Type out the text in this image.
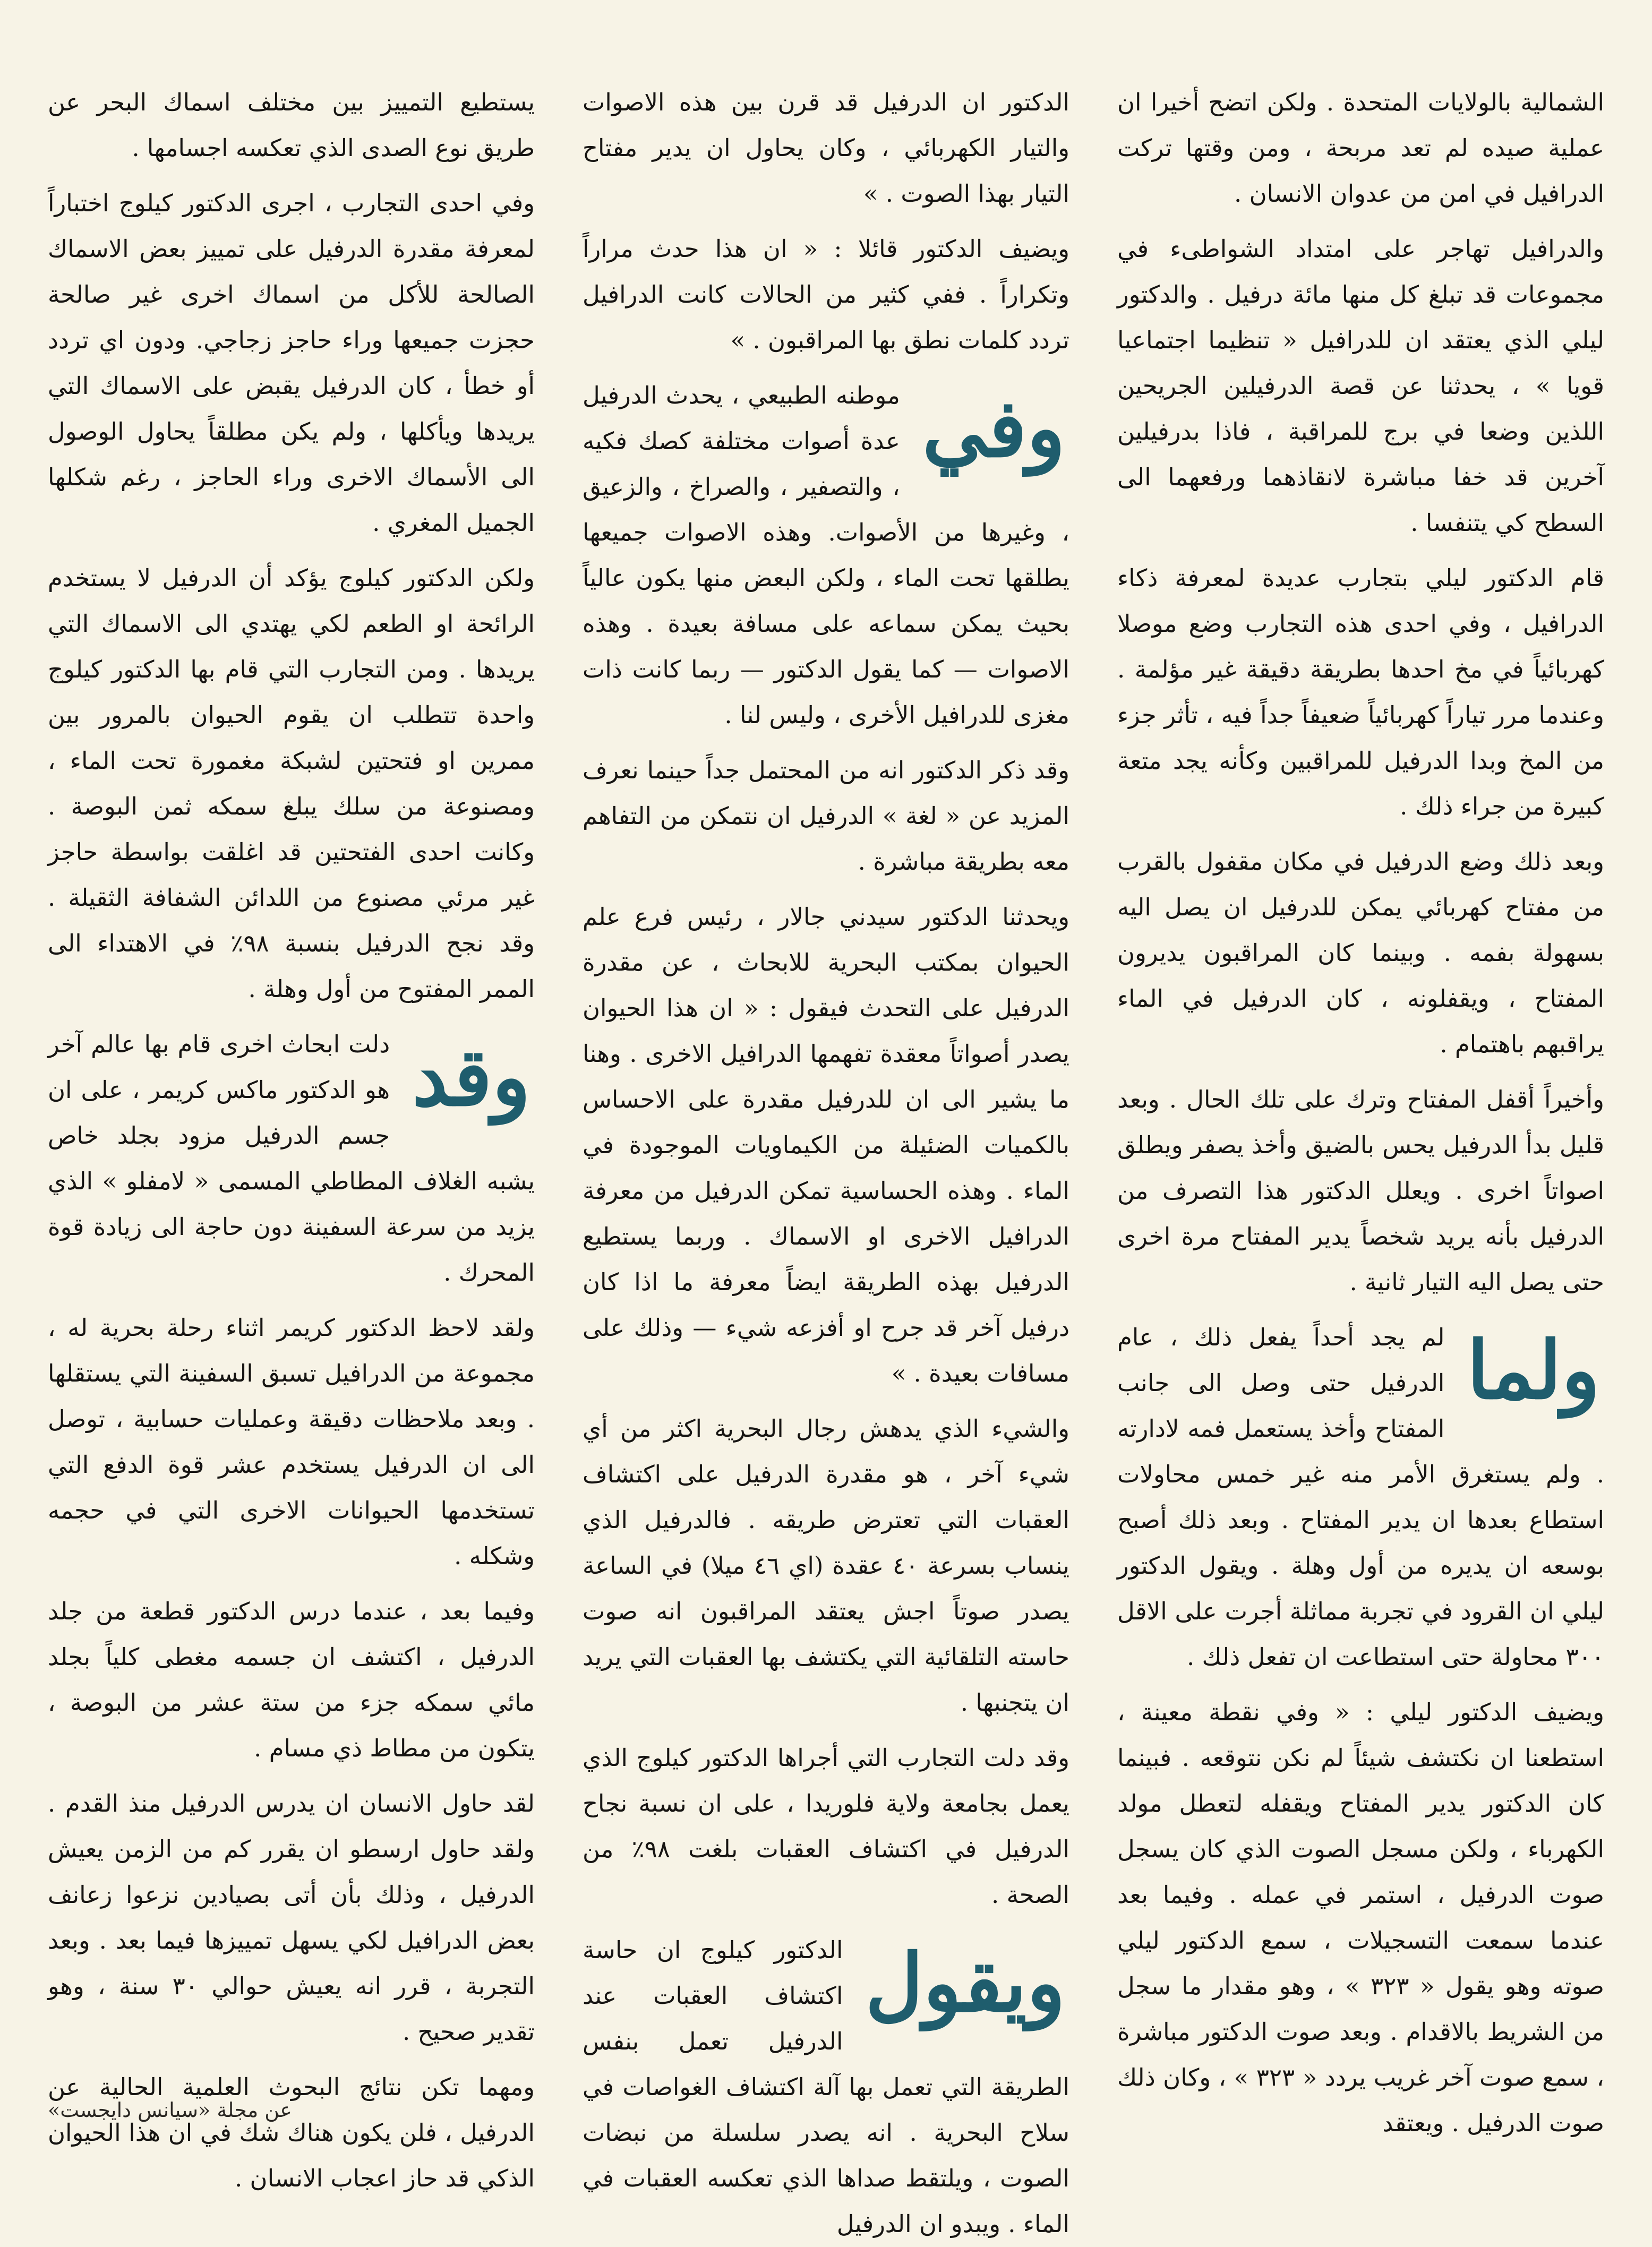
الشمالية بالولايات المتحدة . ولكن اتضح أخيرا ان عملية صيده لم تعد مربحة ، ومن وقتها تركت الدرافيل في امن من عدوان الانسان .

والدرافيل تهاجر على امتداد الشواطىء في مجموعات قد تبلغ كل منها مائة درفيل . والدكتور ليلي الذي يعتقد ان للدرافيل « تنظيما اجتماعيا قويا » ، يحدثنا عن قصة الدرفيلين الجريحين اللذين وضعا في برج للمراقبة ، فاذا بدرفيلين آخرين قد خفا مباشرة لانقاذهما ورفعهما الى السطح كي يتنفسا .

قام الدكتور ليلي بتجارب عديدة لمعرفة ذكاء الدرافيل ، وفي احدى هذه التجارب وضع موصلا كهربائياً في مخ احدها بطريقة دقيقة غير مؤلمة . وعندما مرر تياراً كهربائياً ضعيفاً جداً فيه ، تأثر جزء من المخ وبدا الدرفيل للمراقبين وكأنه يجد متعة كبيرة من جراء ذلك .

وبعد ذلك وضع الدرفيل في مكان مقفول بالقرب من مفتاح كهربائي يمكن للدرفيل ان يصل اليه بسهولة بفمه . وبينما كان المراقبون يديرون المفتاح ، ويقفلونه ، كان الدرفيل في الماء يراقبهم باهتمام .

وأخيراً أقفل المفتاح وترك على تلك الحال . وبعد قليل بدأ الدرفيل يحس بالضيق وأخذ يصفر ويطلق اصواتاً اخرى . ويعلل الدكتور هذا التصرف من الدرفيل بأنه يريد شخصاً يدير المفتاح مرة اخرى حتى يصل اليه التيار ثانية .

ولما
لم يجد أحداً يفعل ذلك ، عام الدرفيل حتى وصل الى جانب المفتاح وأخذ يستعمل فمه لادارته . ولم يستغرق الأمر منه غير خمس محاولات استطاع بعدها ان يدير المفتاح . وبعد ذلك أصبح بوسعه ان يديره من أول وهلة . ويقول الدكتور ليلي ان القرود في تجربة مماثلة أجرت على الاقل ٣٠٠ محاولة حتى استطاعت ان تفعل ذلك .

ويضيف الدكتور ليلي : « وفي نقطة معينة ، استطعنا ان نكتشف شيئاً لم نكن نتوقعه . فبينما كان الدكتور يدير المفتاح ويقفله لتعطل مولد الكهرباء ، ولكن مسجل الصوت الذي كان يسجل صوت الدرفيل ، استمر في عمله . وفيما بعد عندما سمعت التسجيلات ، سمع الدكتور ليلي صوته وهو يقول « ٣٢٣ » ، وهو مقدار ما سجل من الشريط بالاقدام . وبعد صوت الدكتور مباشرة ، سمع صوت آخر غريب يردد « ٣٢٣ » ، وكان ذلك صوت الدرفيل . ويعتقد

الدكتور ان الدرفيل قد قرن بين هذه الاصوات والتيار الكهربائي ، وكان يحاول ان يدير مفتاح التيار بهذا الصوت . »

ويضيف الدكتور قائلا : « ان هذا حدث مراراً وتكراراً . ففي كثير من الحالات كانت الدرافيل تردد كلمات نطق بها المراقبون . »

وفي
موطنه الطبيعي ، يحدث الدرفيل عدة أصوات مختلفة كصك فكيه ، والتصفير ، والصراخ ، والزعيق ، وغيرها من الأصوات. وهذه الاصوات جميعها يطلقها تحت الماء ، ولكن البعض منها يكون عالياً بحيث يمكن سماعه على مسافة بعيدة . وهذه الاصوات — كما يقول الدكتور — ربما كانت ذات مغزى للدرافيل الأخرى ، وليس لنا .

وقد ذكر الدكتور انه من المحتمل جداً حينما نعرف المزيد عن « لغة » الدرفيل ان نتمكن من التفاهم معه بطريقة مباشرة .

ويحدثنا الدكتور سيدني جالار ، رئيس فرع علم الحيوان بمكتب البحرية للابحاث ، عن مقدرة الدرفيل على التحدث فيقول : « ان هذا الحيوان يصدر أصواتاً معقدة تفهمها الدرافيل الاخرى . وهنا ما يشير الى ان للدرفيل مقدرة على الاحساس بالكميات الضئيلة من الكيماويات الموجودة في الماء . وهذه الحساسية تمكن الدرفيل من معرفة الدرافيل الاخرى او الاسماك . وربما يستطيع الدرفيل بهذه الطريقة ايضاً معرفة ما اذا كان درفيل آخر قد جرح او أفزعه شيء — وذلك على مسافات بعيدة . »

والشيء الذي يدهش رجال البحرية اكثر من أي شيء آخر ، هو مقدرة الدرفيل على اكتشاف العقبات التي تعترض طريقه . فالدرفيل الذي ينساب بسرعة ٤٠ عقدة (اي ٤٦ ميلا) في الساعة يصدر صوتاً اجش يعتقد المراقبون انه صوت حاسته التلقائية التي يكتشف بها العقبات التي يريد ان يتجنبها .

وقد دلت التجارب التي أجراها الدكتور كيلوج الذي يعمل بجامعة ولاية فلوريدا ، على ان نسبة نجاح الدرفيل في اكتشاف العقبات بلغت ٩٨٪ من الصحة .

ويقول
الدكتور كيلوج ان حاسة اكتشاف العقبات عند الدرفيل تعمل بنفس الطريقة التي تعمل بها آلة اكتشاف الغواصات في سلاح البحرية . انه يصدر سلسلة من نبضات الصوت ، ويلتقط صداها الذي تعكسه العقبات في الماء . ويبدو ان الدرفيل

يستطيع التمييز بين مختلف اسماك البحر عن طريق نوع الصدى الذي تعكسه اجسامها .

وفي احدى التجارب ، اجرى الدكتور كيلوج اختباراً لمعرفة مقدرة الدرفيل على تمييز بعض الاسماك الصالحة للأكل من اسماك اخرى غير صالحة حجزت جميعها وراء حاجز زجاجي. ودون اي تردد أو خطأ ، كان الدرفيل يقبض على الاسماك التي يريدها ويأكلها ، ولم يكن مطلقاً يحاول الوصول الى الأسماك الاخرى وراء الحاجز ، رغم شكلها الجميل المغري .

ولكن الدكتور كيلوج يؤكد أن الدرفيل لا يستخدم الرائحة او الطعم لكي يهتدي الى الاسماك التي يريدها . ومن التجارب التي قام بها الدكتور كيلوج واحدة تتطلب ان يقوم الحيوان بالمرور بين ممرين او فتحتين لشبكة مغمورة تحت الماء ، ومصنوعة من سلك يبلغ سمكه ثمن البوصة . وكانت احدى الفتحتين قد اغلقت بواسطة حاجز غير مرئي مصنوع من اللدائن الشفافة الثقيلة . وقد نجح الدرفيل بنسبة ٩٨٪ في الاهتداء الى الممر المفتوح من أول وهلة .

وقد
دلت ابحاث اخرى قام بها عالم آخر هو الدكتور ماكس كريمر ، على ان جسم الدرفيل مزود بجلد خاص يشبه الغلاف المطاطي المسمى « لامفلو » الذي يزيد من سرعة السفينة دون حاجة الى زيادة قوة المحرك .

ولقد لاحظ الدكتور كريمر اثناء رحلة بحرية له ، مجموعة من الدرافيل تسبق السفينة التي يستقلها . وبعد ملاحظات دقيقة وعمليات حسابية ، توصل الى ان الدرفيل يستخدم عشر قوة الدفع التي تستخدمها الحيوانات الاخرى التي في حجمه وشكله .

وفيما بعد ، عندما درس الدكتور قطعة من جلد الدرفيل ، اكتشف ان جسمه مغطى كلياً بجلد مائي سمكه جزء من ستة عشر من البوصة ، يتكون من مطاط ذي مسام .

لقد حاول الانسان ان يدرس الدرفيل منذ القدم . ولقد حاول ارسطو ان يقرر كم من الزمن يعيش الدرفيل ، وذلك بأن أتى بصيادين نزعوا زعانف بعض الدرافيل لكي يسهل تمييزها فيما بعد . وبعد التجربة ، قرر انه يعيش حوالي ٣٠ سنة ، وهو تقدير صحيح .

ومهما تكن نتائج البحوث العلمية الحالية عن الدرفيل ، فلن يكون هناك شك في ان هذا الحيوان الذكي قد حاز اعجاب الانسان .

عن مجلة «سيانس دايجست»
